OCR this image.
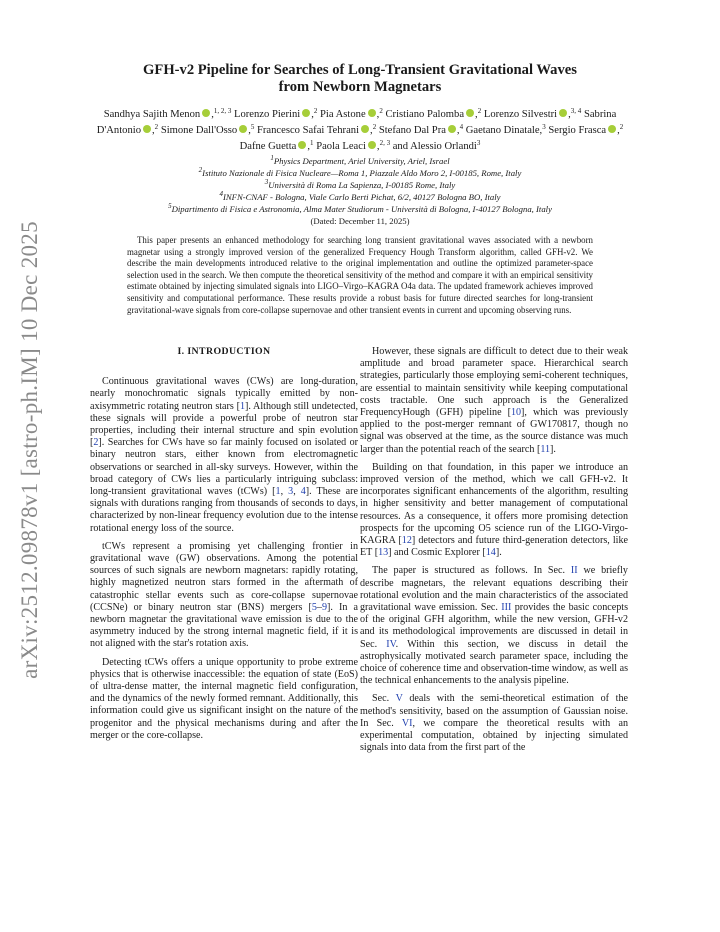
arXiv:2512.09878v1 [astro-ph.IM] 10 Dec 2025
GFH-v2 Pipeline for Searches of Long-Transient Gravitational Waves
from Newborn Magnetars
Sandhya Sajith Menon ,$^{1, 2, 3}$ Lorenzo Pierini ,$^2$ Pia Astone ,$^2$ Cristiano Palomba ,$^2$ Lorenzo Silvestri ,$^{3, 4}$ Sabrina D'Antonio ,$^2$ Simone Dall'Osso ,$^5$ Francesco Safai Tehrani ,$^2$ Stefano Dal Pra ,$^4$ Gaetano Dinatale,$^3$ Sergio Frasca ,$^2$ Dafne Guetta ,$^1$ Paola Leaci ,$^{2, 3}$ and Alessio Orlandi$^3$
$^1$Physics Department, Ariel University, Ariel, Israel
$^2$Istituto Nazionale di Fisica Nucleare—Roma 1, Piazzale Aldo Moro 2, I-00185, Rome, Italy
$^3$Università di Roma La Sapienza, I-00185 Rome, Italy
$^4$INFN-CNAF - Bologna, Viale Carlo Berti Pichat, 6/2, 40127 Bologna BO, Italy
$^5$Dipartimento di Fisica e Astronomia, Alma Mater Studiorum - Università di Bologna, I-40127 Bologna, Italy
(Dated: December 11, 2025)
This paper presents an enhanced methodology for searching long transient gravitational waves associated with a newborn magnetar using a strongly improved version of the generalized Frequency Hough Transform algorithm, called GFH-v2. We describe the main developments introduced relative to the original implementation and outline the optimized parameter-space selection used in the search. We then compute the theoretical sensitivity of the method and compare it with an empirical sensitivity estimate obtained by injecting simulated signals into LIGO–Virgo–KAGRA O4a data. The updated framework achieves improved sensitivity and computational performance. These results provide a robust basis for future directed searches for long-transient gravitational-wave signals from core-collapse supernovae and other transient events in current and upcoming observing runs.
I. INTRODUCTION

Continuous gravitational waves (CWs) are long-duration, nearly monochromatic signals typically emitted by non-axisymmetric rotating neutron stars [1]. Although still undetected, these signals will provide a powerful probe of neutron star properties, including their internal structure and spin evolution [2]. Searches for CWs have so far mainly focused on isolated or binary neutron stars, either known from electromagnetic observations or searched in all-sky surveys. However, within the broad category of CWs lies a particularly intriguing subclass: long-transient gravitational waves (tCWs) [1, 3, 4]. These are signals with durations ranging from thousands of seconds to days, characterized by non-linear frequency evolution due to the intense rotational energy loss of the source.

tCWs represent a promising yet challenging frontier in gravitational wave (GW) observations. Among the potential sources of such signals are newborn magnetars: rapidly rotating, highly magnetized neutron stars formed in the aftermath of catastrophic stellar events such as core-collapse supernovae (CCSNe) or binary neutron star (BNS) mergers [5–9]. In a newborn magnetar the gravitational wave emission is due to the asymmetry induced by the strong internal magnetic field, if it is not aligned with the star's rotation axis.

Detecting tCWs offers a unique opportunity to probe extreme physics that is otherwise inaccessible: the equation of state (EoS) of ultra-dense matter, the internal magnetic field configuration, and the dynamics of the newly formed remnant. Additionally, this information could give us significant insight on the nature of the progenitor and the physical mechanisms during and after the merger or the core-collapse.

However, these signals are difficult to detect due to their weak amplitude and broad parameter space. Hierarchical search strategies, particularly those employing semi-coherent techniques, are essential to maintain sensitivity while keeping computational costs tractable. One such approach is the Generalized FrequencyHough (GFH) pipeline [10], which was previously applied to the post-merger remnant of GW170817, though no signal was observed at the time, as the source distance was much larger than the potential reach of the search [11].

Building on that foundation, in this paper we introduce an improved version of the method, which we call GFH-v2. It incorporates significant enhancements of the algorithm, resulting in higher sensitivity and better management of computational resources. As a consequence, it offers more promising detection prospects for the upcoming O5 science run of the LIGO-Virgo-KAGRA [12] detectors and future third-generation detectors, like ET [13] and Cosmic Explorer [14].

The paper is structured as follows. In Sec. II we briefly describe magnetars, the relevant equations describing their rotational evolution and the main characteristics of the associated gravitational wave emission. Sec. III provides the basic concepts of the original GFH algorithm, while the new version, GFH-v2 and its methodological improvements are discussed in detail in Sec. IV. Within this section, we discuss in detail the astrophysically motivated search parameter space, including the choice of coherence time and observation-time window, as well as the technical enhancements to the analysis pipeline.

Sec. V deals with the semi-theoretical estimation of the method's sensitivity, based on the assumption of Gaussian noise. In Sec. VI, we compare the theoretical results with an experimental computation, obtained by injecting simulated signals into data from the first part of the
